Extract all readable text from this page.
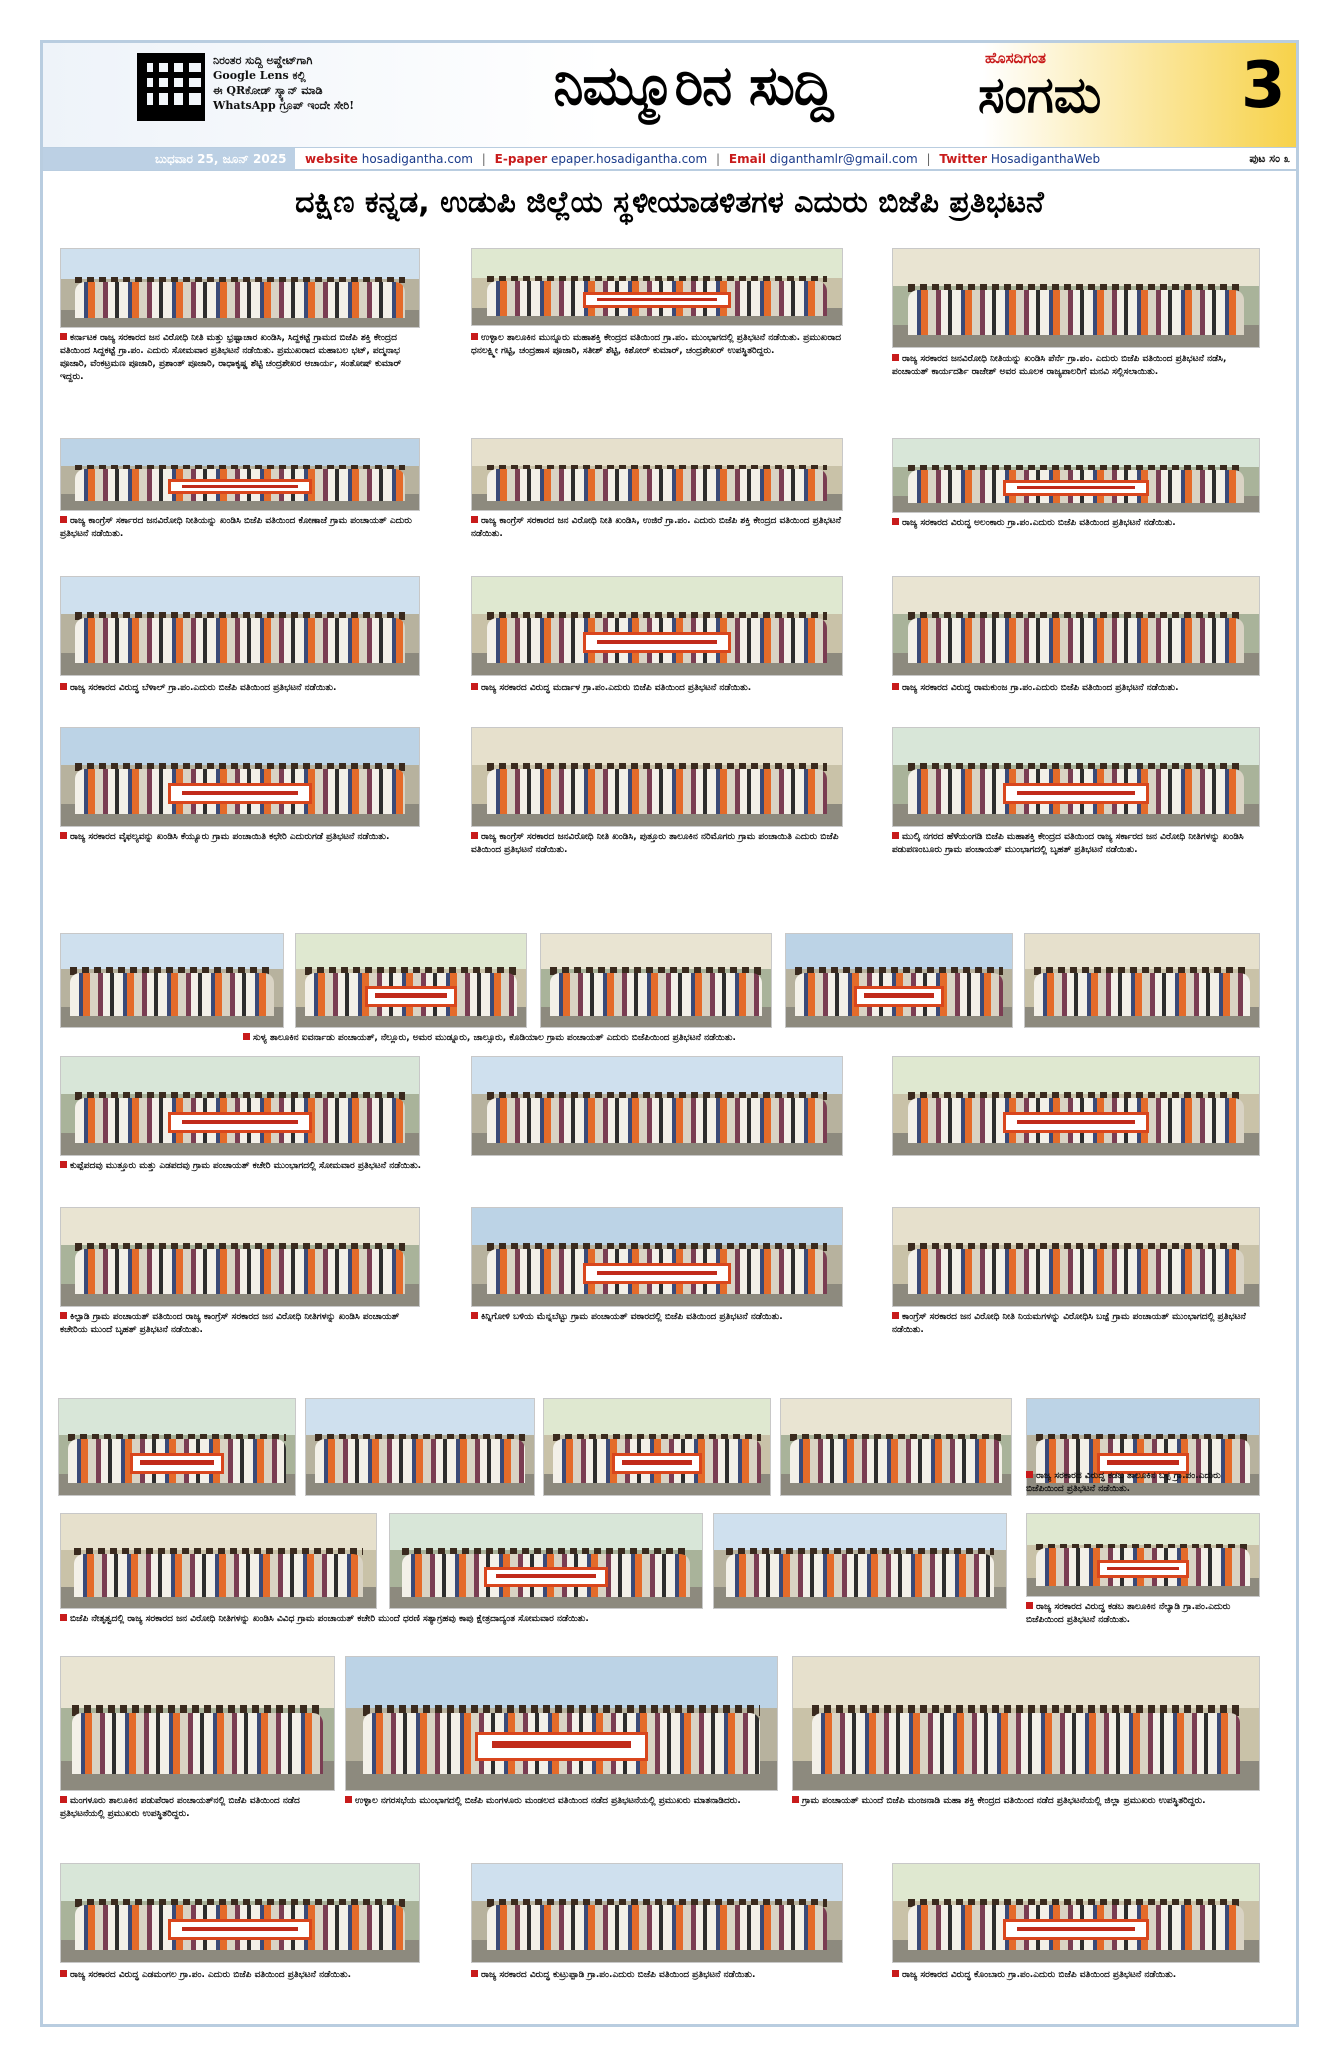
ನಿರಂತರ ಸುದ್ದಿ ಅಪ್ಡೇಟ್‌ಗಾಗಿ
Google Lens ಕಲ್ಲಿ
ಈ QRಕೋಡ್ ಸ್ಕ್ಯಾನ್ ಮಾಡಿ
WhatsApp ಗ್ರೂಪ್ ಇಂದೇ ಸೇರಿ!	ನಿಮ್ಮೂರಿನ ಸುದ್ದಿ	ಹೊಸದಿಗಂತ
ಸಂಗಮ 3
ಬುಧವಾರ 25, ಜೂನ್ 2025	website hosadigantha.com | E-paper epaper.hosadigantha.com | Email diganthamlr@gmail.com | Twitter HosadiganthaWeb	ಪುಟ ಸಂ ೩
ದಕ್ಷಿಣ ಕನ್ನಡ, ಉಡುಪಿ ಜಿಲ್ಲೆಯ ಸ್ಥಳೀಯಾಡಳಿತಗಳ ಎದುರು ಬಿಜೆಪಿ ಪ್ರತಿಭಟನೆ
ಕರ್ನಾಟಕ ರಾಜ್ಯ ಸರಕಾರದ ಜನ ವಿರೋಧಿ ನೀತಿ ಮತ್ತು ಭ್ರಷ್ಟಾಚಾರ ಖಂಡಿಸಿ, ಸಿದ್ದಕಟ್ಟೆ ಗ್ರಾಮದ ಬಿಜೆಪಿ ಶಕ್ತಿ ಕೇಂದ್ರದ ವತಿಯಿಂದ ಸಿದ್ದಕಟ್ಟೆ ಗ್ರಾ.ಪಂ. ಎದುರು ಸೋಮವಾರ ಪ್ರತಿಭಟನೆ ನಡೆಯಿತು. ಪ್ರಮುಖರಾದ ಮಹಾಬಲ ಭಟ್, ಪದ್ಮನಾಭ ಪೂಜಾರಿ, ವೆಂಕಟ್ರಮಣ ಪೂಜಾರಿ, ಪ್ರಶಾಂತ್ ಪೂಜಾರಿ, ರಾಧಾಕೃಷ್ಣ ಶೆಟ್ಟಿ ಚಂದ್ರಶೇಖರ ಆಚಾರ್ಯ, ಸಂತೋಷ್ ಕುಮಾರ್ ಇದ್ದರು.
ಉಳ್ಳಾಲ ತಾಲೂಕಿನ ಮುನ್ನೂರು ಮಹಾಶಕ್ತಿ ಕೇಂದ್ರದ ವತಿಯಿಂದ ಗ್ರಾ.ಪಂ. ಮುಂಭಾಗದಲ್ಲಿ ಪ್ರತಿಭಟನೆ ನಡೆಯಿತು. ಪ್ರಮುಖರಾದ ಧನಲಕ್ಷ್ಮೀ ಗಟ್ಟಿ, ಚಂದ್ರಹಾಸ ಪೂಜಾರಿ, ಸತೀಶ್ ಶೆಟ್ಟಿ, ಕಿಶೋರ್ ಕುಮಾರ್, ಚಂದ್ರಶೇಖರ್ ಉಪಸ್ಥಿತರಿದ್ದರು.
ರಾಜ್ಯ ಸರಕಾರದ ಜನವಿರೋಧಿ ನೀತಿಯನ್ನು ಖಂಡಿಸಿ ಪೆರ್ನೆ ಗ್ರಾ.ಪಂ. ಎದುರು ಬಿಜೆಪಿ ವತಿಯಿಂದ ಪ್ರತಿಭಟನೆ ನಡೆಸಿ, ಪಂಚಾಯತ್ ಕಾರ್ಯದರ್ಶಿ ರಾಜೇಶ್ ಅವರ ಮೂಲಕ ರಾಜ್ಯಪಾಲರಿಗೆ ಮನವಿ ಸಲ್ಲಿಸಲಾಯಿತು.
ರಾಜ್ಯ ಕಾಂಗ್ರೆಸ್ ಸರ್ಕಾರದ ಜನವಿರೋಧಿ ನೀತಿಯನ್ನು ಖಂಡಿಸಿ ಬಿಜೆಪಿ ವತಿಯಿಂದ ಕೋಣಾಜೆ ಗ್ರಾಮ ಪಂಚಾಯತ್ ಎದುರು ಪ್ರತಿಭಟನೆ ನಡೆಯಿತು.
ರಾಜ್ಯ ಕಾಂಗ್ರೆಸ್ ಸರಕಾರದ ಜನ ವಿರೋಧಿ ನೀತಿ ಖಂಡಿಸಿ, ಉಜಿರೆ ಗ್ರಾ.ಪಂ. ಎದುರು ಬಿಜೆಪಿ ಶಕ್ತಿ ಕೇಂದ್ರದ ವತಿಯಿಂದ ಪ್ರತಿಭಟನೆ ನಡೆಯಿತು.
ರಾಜ್ಯ ಸರಕಾರದ ವಿರುದ್ಧ ಅಲಂಕಾರು ಗ್ರಾ.ಪಂ.ಎದುರು ಬಿಜೆಪಿ ವತಿಯಿಂದ ಪ್ರತಿಭಟನೆ ನಡೆಯಿತು.
ರಾಜ್ಯ ಸರಕಾರದ ವಿರುದ್ಧ ಬೆಳಾಲ್ ಗ್ರಾ.ಪಂ.ಎದುರು ಬಿಜೆಪಿ ವತಿಯಿಂದ ಪ್ರತಿಭಟನೆ ನಡೆಯಿತು.	ರಾಜ್ಯ ಸರಕಾರದ ವಿರುದ್ಧ ಮರ್ದಾಳ ಗ್ರಾ.ಪಂ.ಎದುರು ಬಿಜೆಪಿ ವತಿಯಿಂದ ಪ್ರತಿಭಟನೆ ನಡೆಯಿತು.	ರಾಜ್ಯ ಸರಕಾರದ ವಿರುದ್ಧ ರಾಮಕುಂಜ ಗ್ರಾ.ಪಂ.ಎದುರು ಬಿಜೆಪಿ ವತಿಯಿಂದ ಪ್ರತಿಭಟನೆ ನಡೆಯಿತು.
ರಾಜ್ಯ ಸರಕಾರದ ವೈಫಲ್ಯವನ್ನು ಖಂಡಿಸಿ ಕೆಯ್ಯೂರು ಗ್ರಾಮ ಪಂಚಾಯಿತಿ ಕಛೇರಿ ಎದುರುಗಡೆ ಪ್ರತಿಭಟನೆ ನಡೆಯಿತು.	ರಾಜ್ಯ ಕಾಂಗ್ರೆಸ್ ಸರಕಾರದ ಜನವಿರೋಧಿ ನೀತಿ ಖಂಡಿಸಿ, ಪುತ್ತೂರು ತಾಲೂಕಿನ ನರಿಮೊಗರು ಗ್ರಾಮ ಪಂಚಾಯಿತಿ ಎದುರು ಬಿಜೆಪಿ ವತಿಯಿಂದ ಪ್ರತಿಭಟನೆ ನಡೆಯಿತು.
ಮುಲ್ಕಿ ನಗರದ ಹೆಳೆಯಂಗಡಿ ಬಿಜೆಪಿ ಮಹಾಶಕ್ತಿ ಕೇಂದ್ರದ ವತಿಯಿಂದ ರಾಜ್ಯ ಸರ್ಕಾರದ ಜನ ವಿರೋಧಿ ನೀತಿಗಳನ್ನು ಖಂಡಿಸಿ ಪಡುಪಣಂಬೂರು ಗ್ರಾಮ ಪಂಚಾಯತ್ ಮುಂಭಾಗದಲ್ಲಿ ಬೃಹತ್ ಪ್ರತಿಭಟನೆ ನಡೆಯಿತು.
ಸುಳ್ಯ ತಾಲೂಕಿನ ಐವರ್ನಾಡು ಪಂಚಾಯತ್, ನೆಲ್ಲೂರು, ಅಮರ ಮುಡ್ನೂರು, ಜಾಲ್ಸೂರು, ಕೊಡಿಯಾಲ ಗ್ರಾಮ ಪಂಚಾಯತ್ ಎದುರು ಬಿಜೆಪಿಯಿಂದ ಪ್ರತಿಭಟನೆ ನಡೆಯಿತು.
ಕುಪ್ಪೆಪದವು ಮುತ್ತೂರು ಮತ್ತು ಎಡಪದವು ಗ್ರಾಮ ಪಂಚಾಯತ್ ಕಚೇರಿ ಮುಂಭಾಗದಲ್ಲಿ ಸೋಮವಾರ ಪ್ರತಿಭಟನೆ ನಡೆಯಿತು.
ಕಿಲ್ಪಾಡಿ ಗ್ರಾಮ ಪಂಚಾಯತ್ ವತಿಯಿಂದ ರಾಜ್ಯ ಕಾಂಗ್ರೆಸ್ ಸರಕಾರದ ಜನ ವಿರೋಧಿ ನೀತಿಗಳನ್ನು ಖಂಡಿಸಿ ಪಂಚಾಯತ್ ಕಚೇರಿಯ ಮುಂದೆ ಬೃಹತ್ ಪ್ರತಿಭಟನೆ ನಡೆಯಿತು.
ಕಿನ್ನಿಗೋಳಿ ಬಳಿಯ ಮೆನ್ನಬೆಟ್ಟು ಗ್ರಾಮ ಪಂಚಾಯತ್ ವಠಾರದಲ್ಲಿ ಬಿಜೆಪಿ ವತಿಯಿಂದ ಪ್ರತಿಭಟನೆ ನಡೆಯಿತು.	ಕಾಂಗ್ರೆಸ್ ಸರಕಾರದ ಜನ ವಿರೋಧಿ ನೀತಿ ನಿಯಮಗಳನ್ನು ವಿರೋಧಿಸಿ ಬಜ್ಪೆ ಗ್ರಾಮ ಪಂಚಾಯತ್ ಮುಂಭಾಗದಲ್ಲಿ ಪ್ರತಿಭಟನೆ ನಡೆಯಿತು.
ರಾಜ್ಯ ಸರಕಾರದ ವಿರುದ್ಧ ಕಡಬ ತಾಲೂಕಿನ ಬಳ್ಪ ಗ್ರಾ.ಪಂ.ಎದುರು ಬಿಜೆಪಿಯಿಂದ ಪ್ರತಿಭಟನೆ ನಡೆಯಿತು.
ಬಿಜೆಪಿ ನೇತೃತ್ವದಲ್ಲಿ ರಾಜ್ಯ ಸರಕಾರದ ಜನ ವಿರೋಧಿ ನೀತಿಗಳನ್ನು ಖಂಡಿಸಿ ವಿವಿಧ ಗ್ರಾಮ ಪಂಚಾಯತ್ ಕಚೇರಿ ಮುಂದೆ ಧರಣಿ ಸತ್ಯಾಗ್ರಹವು ಕಾಪು ಕ್ಷೇತ್ರದಾದ್ಯಂತ ಸೋಮವಾರ ನಡೆಯಿತು.
ರಾಜ್ಯ ಸರಕಾರದ ವಿರುದ್ಧ ಕಡಬ ತಾಲೂಕಿನ ನೆಲ್ಯಾಡಿ ಗ್ರಾ.ಪಂ.ಎದುರು ಬಿಜೆಪಿಯಿಂದ ಪ್ರತಿಭಟನೆ ನಡೆಯಿತು.
ಮಂಗಳೂರು ತಾಲೂಕಿನ ಪಡುಪೆರಾರ ಪಂಚಾಯತ್‌ನಲ್ಲಿ ಬಿಜೆಪಿ ವತಿಯಿಂದ ನಡೆದ ಪ್ರತಿಭಟನೆಯಲ್ಲಿ ಪ್ರಮುಖರು ಉಪಸ್ಥಿತರಿದ್ದರು.
ಉಳ್ಳಾಲ ನಗರಸಭೆಯ ಮುಂಭಾಗದಲ್ಲಿ ಬಿಜೆಪಿ ಮಂಗಳೂರು ಮಂಡಲದ ವತಿಯಿಂದ ನಡೆದ ಪ್ರತಿಭಟನೆಯಲ್ಲಿ ಪ್ರಮುಖರು ಮಾತನಾಡಿದರು.	ಗ್ರಾಮ ಪಂಚಾಯತ್ ಮುಂದೆ ಬಿಜೆಪಿ ಮಂಜನಾಡಿ ಮಹಾ ಶಕ್ತಿ ಕೇಂದ್ರದ ವತಿಯಿಂದ ನಡೆದ ಪ್ರತಿಭಟನೆಯಲ್ಲಿ ಜಿಲ್ಲಾ ಪ್ರಮುಖರು ಉಪಸ್ಥಿತರಿದ್ದರು.
ರಾಜ್ಯ ಸರಕಾರದ ವಿರುದ್ಧ ಎಡಮಂಗಲ ಗ್ರಾ.ಪಂ. ಎದುರು ಬಿಜೆಪಿ ವತಿಯಿಂದ ಪ್ರತಿಭಟನೆ ನಡೆಯಿತು.	ರಾಜ್ಯ ಸರಕಾರದ ವಿರುದ್ಧ ಕುಟ್ರುಪ್ಪಾಡಿ ಗ್ರಾ.ಪಂ.ಎದುರು ಬಿಜೆಪಿ ವತಿಯಿಂದ ಪ್ರತಿಭಟನೆ ನಡೆಯಿತು.	ರಾಜ್ಯ ಸರಕಾರದ ವಿರುದ್ಧ ಕೊಂಬಾರು ಗ್ರಾ.ಪಂ.ಎದುರು ಬಿಜೆಪಿ ವತಿಯಿಂದ ಪ್ರತಿಭಟನೆ ನಡೆಯಿತು.
